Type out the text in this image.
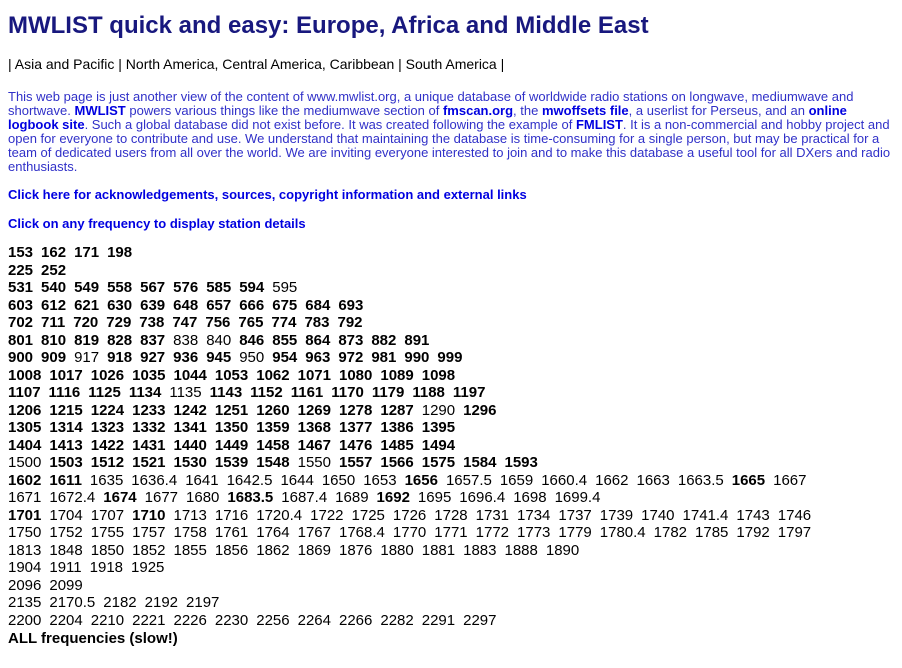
MWLIST quick and easy: Europe, Africa and Middle East
| Asia and Pacific | North America, Central America, Caribbean | South America |

This web page is just another view of the content of www.mwlist.org, a unique database of worldwide radio stations on longwave, mediumwave and shortwave. MWLIST powers various things like the mediumwave section of fmscan.org, the mwoffsets file, a userlist for Perseus, and an online logbook site. Such a global database did not exist before. It was created following the example of FMLIST. It is a non-commercial and hobby project and open for everyone to contribute and use. We understand that maintaining the database is time-consuming for a single person, but may be practical for a team of dedicated users from all over the world. We are inviting everyone interested to join and to make this database a useful tool for all DXers and radio enthusiasts.

Click here for acknowledgements, sources, copyright information and external links

Click on any frequency to display station details

153 162 171 198
225 252
531 540 549 558 567 576 585 594 595
603 612 621 630 639 648 657 666 675 684 693
702 711 720 729 738 747 756 765 774 783 792
801 810 819 828 837 838 840 846 855 864 873 882 891
900 909 917 918 927 936 945 950 954 963 972 981 990 999
1008 1017 1026 1035 1044 1053 1062 1071 1080 1089 1098
1107 1116 1125 1134 1135 1143 1152 1161 1170 1179 1188 1197
1206 1215 1224 1233 1242 1251 1260 1269 1278 1287 1290 1296
1305 1314 1323 1332 1341 1350 1359 1368 1377 1386 1395
1404 1413 1422 1431 1440 1449 1458 1467 1476 1485 1494
1500 1503 1512 1521 1530 1539 1548 1550 1557 1566 1575 1584 1593
1602 1611 1635 1636.4 1641 1642.5 1644 1650 1653 1656 1657.5 1659 1660.4 1662 1663 1663.5 1665 1667
1671 1672.4 1674 1677 1680 1683.5 1687.4 1689 1692 1695 1696.4 1698 1699.4
1701 1704 1707 1710 1713 1716 1720.4 1722 1725 1726 1728 1731 1734 1737 1739 1740 1741.4 1743 1746
1750 1752 1755 1757 1758 1761 1764 1767 1768.4 1770 1771 1772 1773 1779 1780.4 1782 1785 1792 1797
1813 1848 1850 1852 1855 1856 1862 1869 1876 1880 1881 1883 1888 1890
1904 1911 1918 1925
2096 2099
2135 2170.5 2182 2192 2197
2200 2204 2210 2221 2226 2230 2256 2264 2266 2282 2291 2297
ALL frequencies (slow!)
